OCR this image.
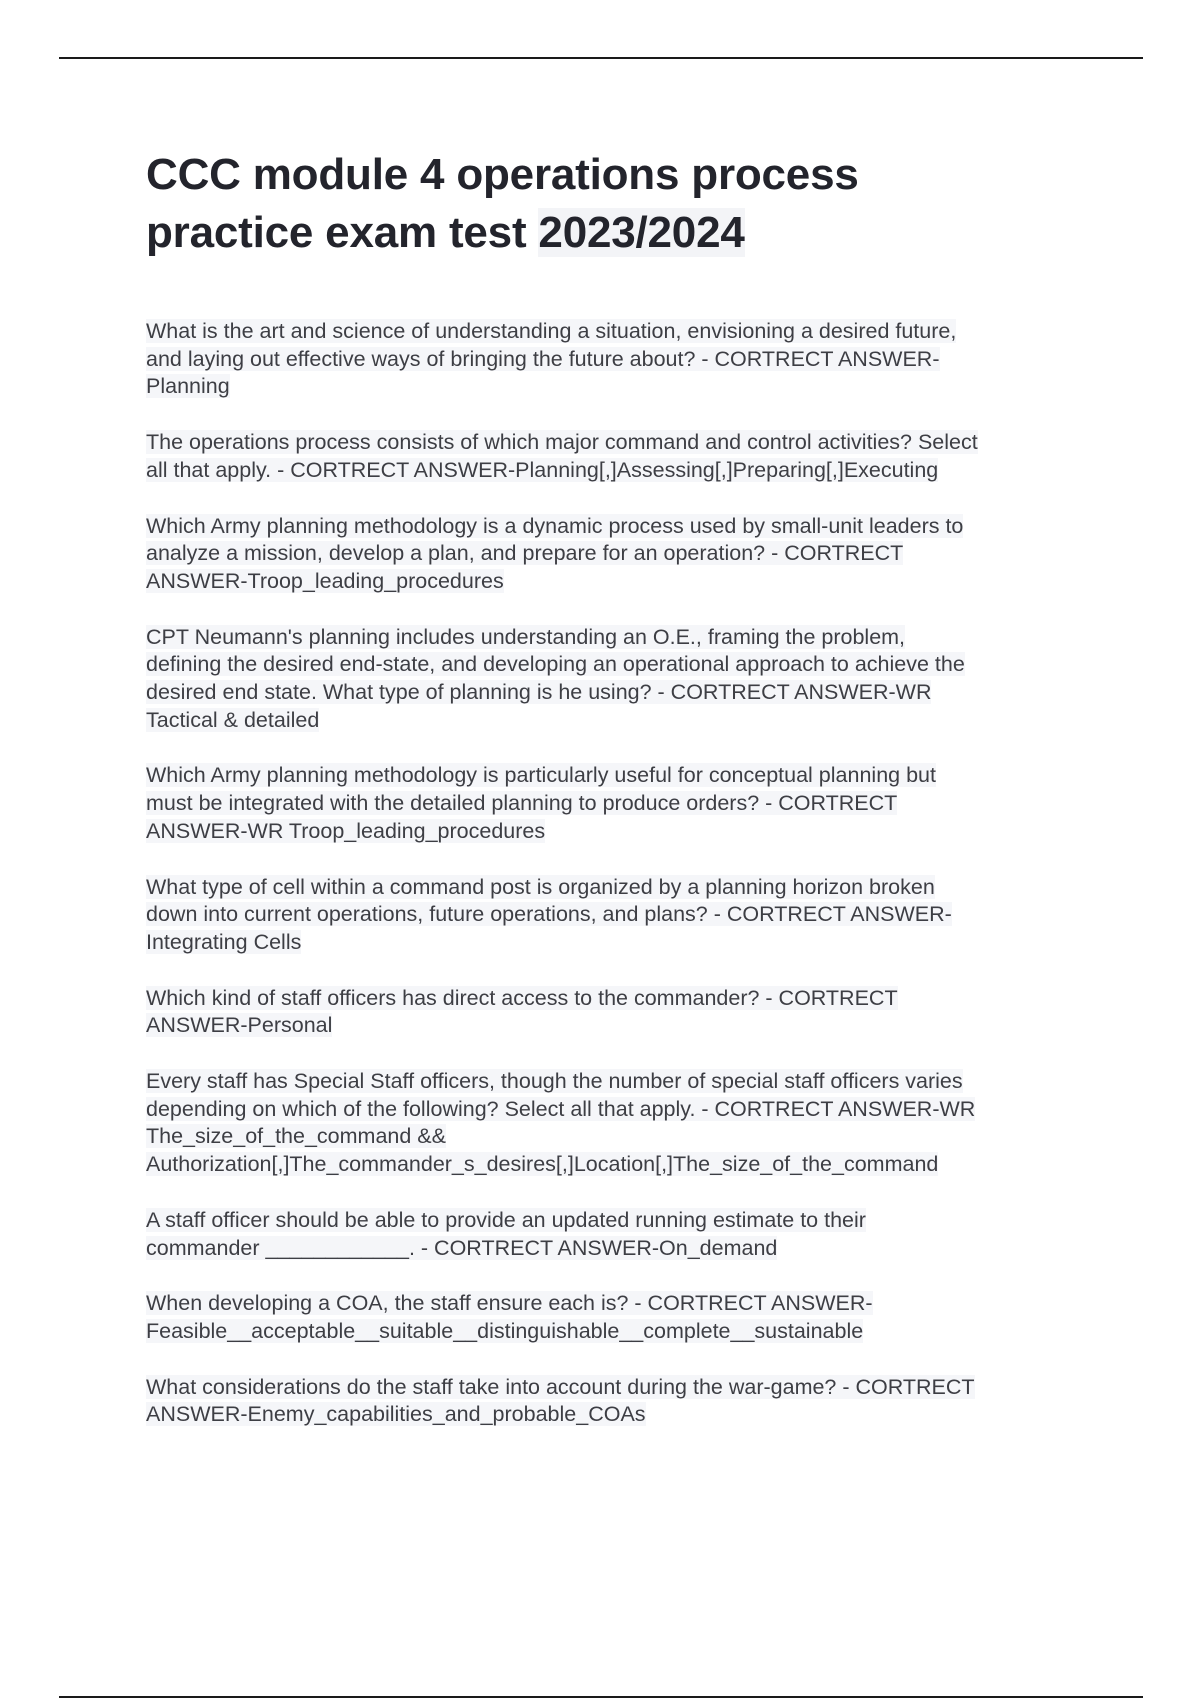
CCC module 4 operations process
practice exam test 2023/2024

What is the art and science of understanding a situation, envisioning a desired future,
and laying out effective ways of bringing the future about? - CORTRECT ANSWER-
Planning

The operations process consists of which major command and control activities? Select
all that apply. - CORTRECT ANSWER-Planning[,]Assessing[,]Preparing[,]Executing

Which Army planning methodology is a dynamic process used by small-unit leaders to
analyze a mission, develop a plan, and prepare for an operation? - CORTRECT
ANSWER-Troop_leading_procedures

CPT Neumann's planning includes understanding an O.E., framing the problem,
defining the desired end-state, and developing an operational approach to achieve the
desired end state. What type of planning is he using? - CORTRECT ANSWER-WR
Tactical & detailed

Which Army planning methodology is particularly useful for conceptual planning but
must be integrated with the detailed planning to produce orders? - CORTRECT
ANSWER-WR Troop_leading_procedures

What type of cell within a command post is organized by a planning horizon broken
down into current operations, future operations, and plans? - CORTRECT ANSWER-
Integrating Cells

Which kind of staff officers has direct access to the commander? - CORTRECT
ANSWER-Personal

Every staff has Special Staff officers, though the number of special staff officers varies
depending on which of the following? Select all that apply. - CORTRECT ANSWER-WR
The_size_of_the_command &&
Authorization[,]The_commander_s_desires[,]Location[,]The_size_of_the_command

A staff officer should be able to provide an updated running estimate to their
commander ____________. - CORTRECT ANSWER-On_demand

When developing a COA, the staff ensure each is? - CORTRECT ANSWER-
Feasible__acceptable__suitable__distinguishable__complete__sustainable

What considerations do the staff take into account during the war-game? - CORTRECT
ANSWER-Enemy_capabilities_and_probable_COAs
